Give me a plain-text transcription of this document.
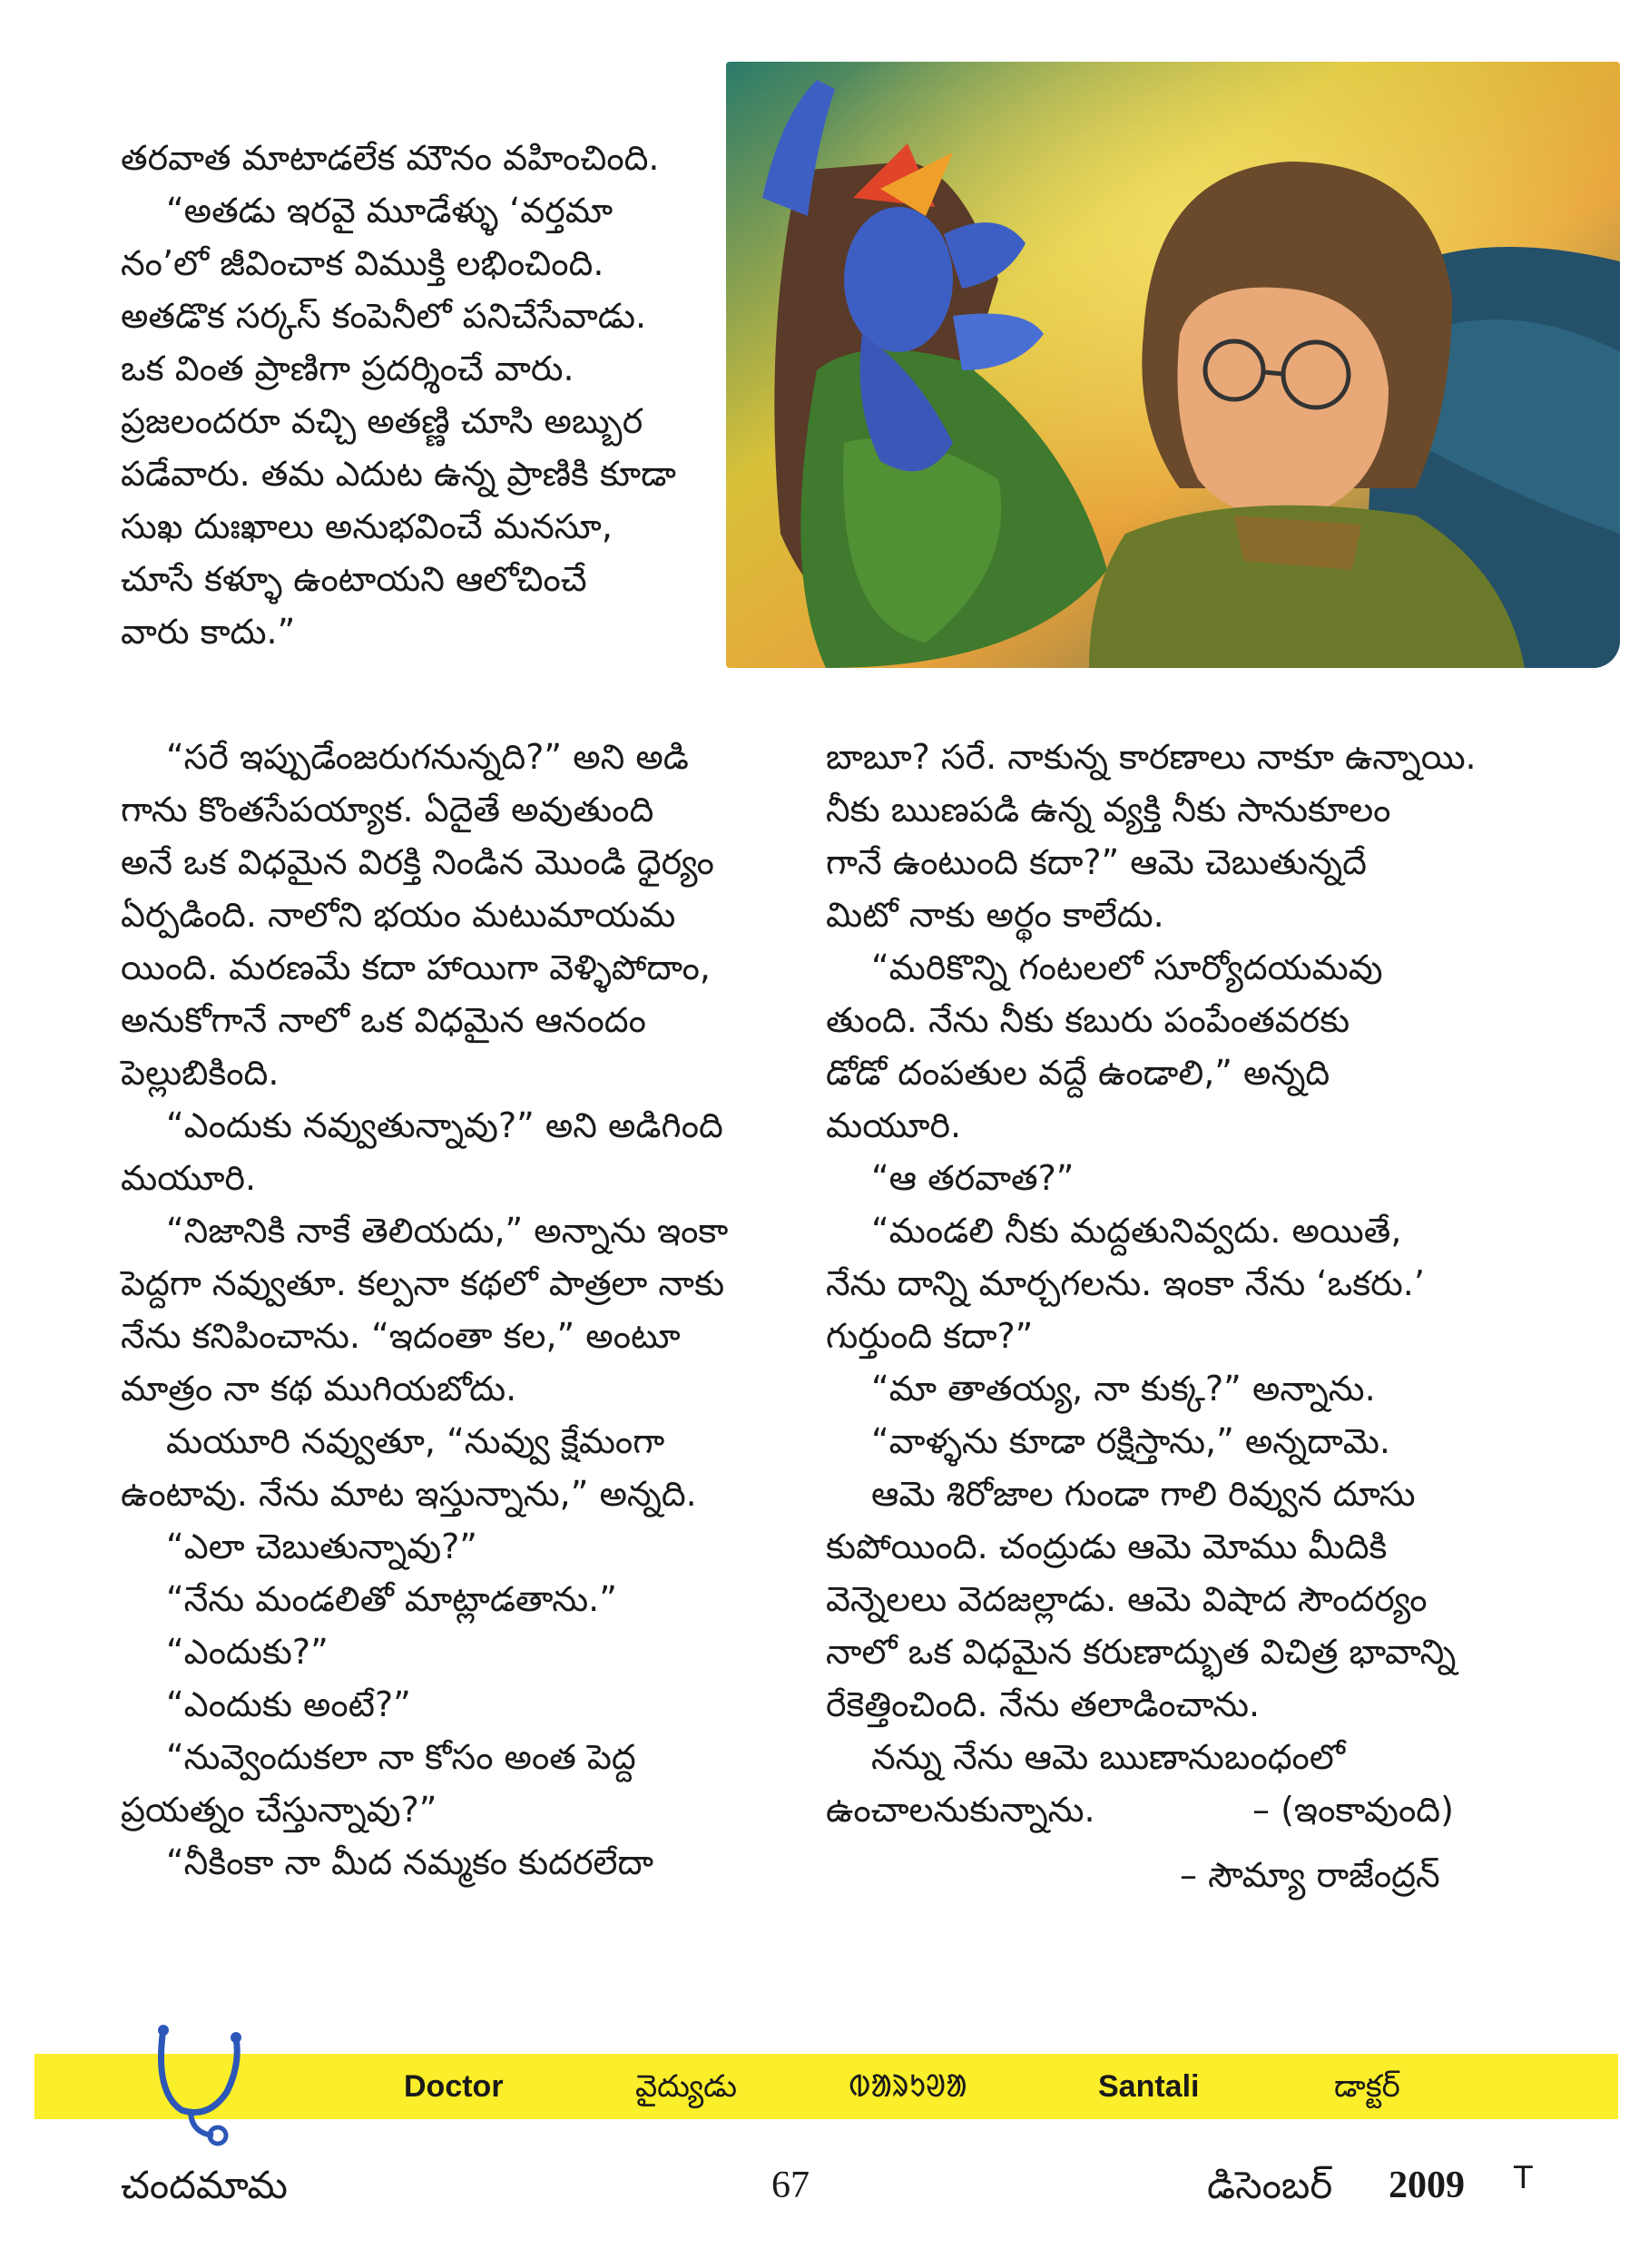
తరవాత మాటాడలేక మౌనం వహించింది.
“అతడు ఇరవై మూడేళ్ళు ‘వర్తమా
నం’లో జీవించాక విముక్తి లభించింది.
అతడొక సర్కస్ కంపెనీలో పనిచేసేవాడు.
ఒక వింత ప్రాణిగా ప్రదర్శించే వారు.
ప్రజలందరూ వచ్చి అతణ్ణి చూసి అబ్బుర
పడేవారు. తమ ఎదుట ఉన్న ప్రాణికి కూడా
సుఖ దుఃఖాలు అనుభవించే మనసూ,
చూసే కళ్ళూ ఉంటాయని ఆలోచించే
వారు కాదు.”
“సరే ఇప్పుడేంజరుగనున్నది?” అని అడి
గాను కొంతసేపయ్యాక. ఏదైతే అవుతుంది
అనే ఒక విధమైన విరక్తి నిండిన మొండి ధైర్యం
ఏర్పడింది. నాలోని భయం మటుమాయమ
యింది. మరణమే కదా హాయిగా వెళ్ళిపోదాం,
అనుకోగానే నాలో ఒక విధమైన ఆనందం
పెల్లుబికింది.
“ఎందుకు నవ్వుతున్నావు?” అని అడిగింది
మయూరి.
“నిజానికి నాకే తెలియదు,” అన్నాను ఇంకా
పెద్దగా నవ్వుతూ. కల్పనా కథలో పాత్రలా నాకు
నేను కనిపించాను. “ఇదంతా కల,” అంటూ
మాత్రం నా కథ ముగియబోదు.
మయూరి నవ్వుతూ, “నువ్వు క్షేమంగా
ఉంటావు. నేను మాట ఇస్తున్నాను,” అన్నది.
“ఎలా చెబుతున్నావు?”
“నేను మండలితో మాట్లాడతాను.”
“ఎందుకు?”
“ఎందుకు అంటే?”
“నువ్వెందుకలా నా కోసం అంత పెద్ద
ప్రయత్నం చేస్తున్నావు?”
“నీకింకా నా మీద నమ్మకం కుదరలేదా
బాబూ? సరే. నాకున్న కారణాలు నాకూ ఉన్నాయి.
నీకు ఋణపడి ఉన్న వ్యక్తి నీకు సానుకూలం
గానే ఉంటుంది కదా?” ఆమె చెబుతున్నదే
మిటో నాకు అర్థం కాలేదు.
“మరికొన్ని గంటలలో సూర్యోదయమవు
తుంది. నేను నీకు కబురు పంపేంతవరకు
డోడో దంపతుల వద్దే ఉండాలి,” అన్నది
మయూరి.
“ఆ తరవాత?”
“మండలి నీకు మద్దతునివ్వదు. అయితే,
నేను దాన్ని మార్చగలను. ఇంకా నేను ‘ఒకరు.’
గుర్తుంది కదా?”
“మా తాతయ్య, నా కుక్క?” అన్నాను.
“వాళ్ళను కూడా రక్షిస్తాను,” అన్నదామె.
ఆమె శిరోజాల గుండా గాలి రివ్వున దూసు
కుపోయింది. చంద్రుడు ఆమె మోము మీదికి
వెన్నెలలు వెదజల్లాడు. ఆమె విషాద సౌందర్యం
నాలో ఒక విధమైన కరుణాద్భుత విచిత్ర భావాన్ని
రేకెత్తించింది. నేను తలాడించాను.
నన్ను నేను ఆమె ఋణానుబంధంలో
ఉంచాలనుకున్నాను.	– (ఇంకావుంది)
– సౌమ్యా రాజేంద్రన్
Doctor	వైద్యుడు	ᱵᱟᱨᱩᱣᱟ	Santali	డాక్టర్
చందమామ	67	డిసెంబర్ 2009 T
